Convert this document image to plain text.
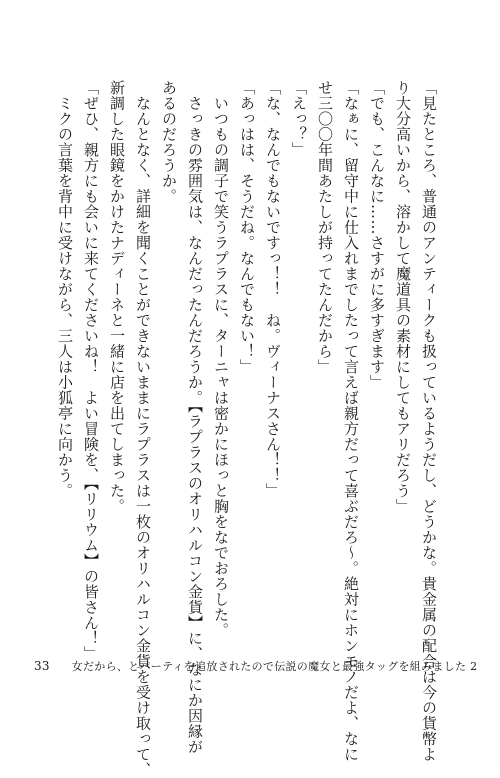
「見たところ、普通のアンティークも扱っているようだし、どうかな。貴金属の配合は今の貨幣よ
り大分高いから、溶かして魔道具の素材にしてもアリだろう」
「でも、こんなに……さすがに多すぎます」
「なぁに、留守中に仕入れまでしたって言えば親方だって喜ぶだろ～。絶対にホンモノだよ、なに
せ三〇〇年間あたしが持ってたんだから」
「えっ？」
「な、なんでもないですっ！！　ね。ヴィーナスさん！！」
「あっはは、そうだね。なんでもない！」
　いつもの調子で笑うラプラスに、ターニャは密かにほっと胸をなでおろした。
　さっきの雰囲気は、なんだったんだろうか。【ラプラスのオリハルコン金貨】に、なにか因縁が
あるのだろうか。
　なんとなく、詳細を聞くことができないままにラプラスは一枚のオリハルコン金貨を受け取って、
新調した眼鏡をかけたナディーネと一緒に店を出てしまった。
「ぜひ、親方にも会いに来てくださいね！　よい冒険を、【リリウム】の皆さん！」
　ミクの言葉を背中に受けながら、三人は小狐亭に向かう。
33 女だから、とパーティを追放されたので伝説の魔女と最強タッグを組みました 2
